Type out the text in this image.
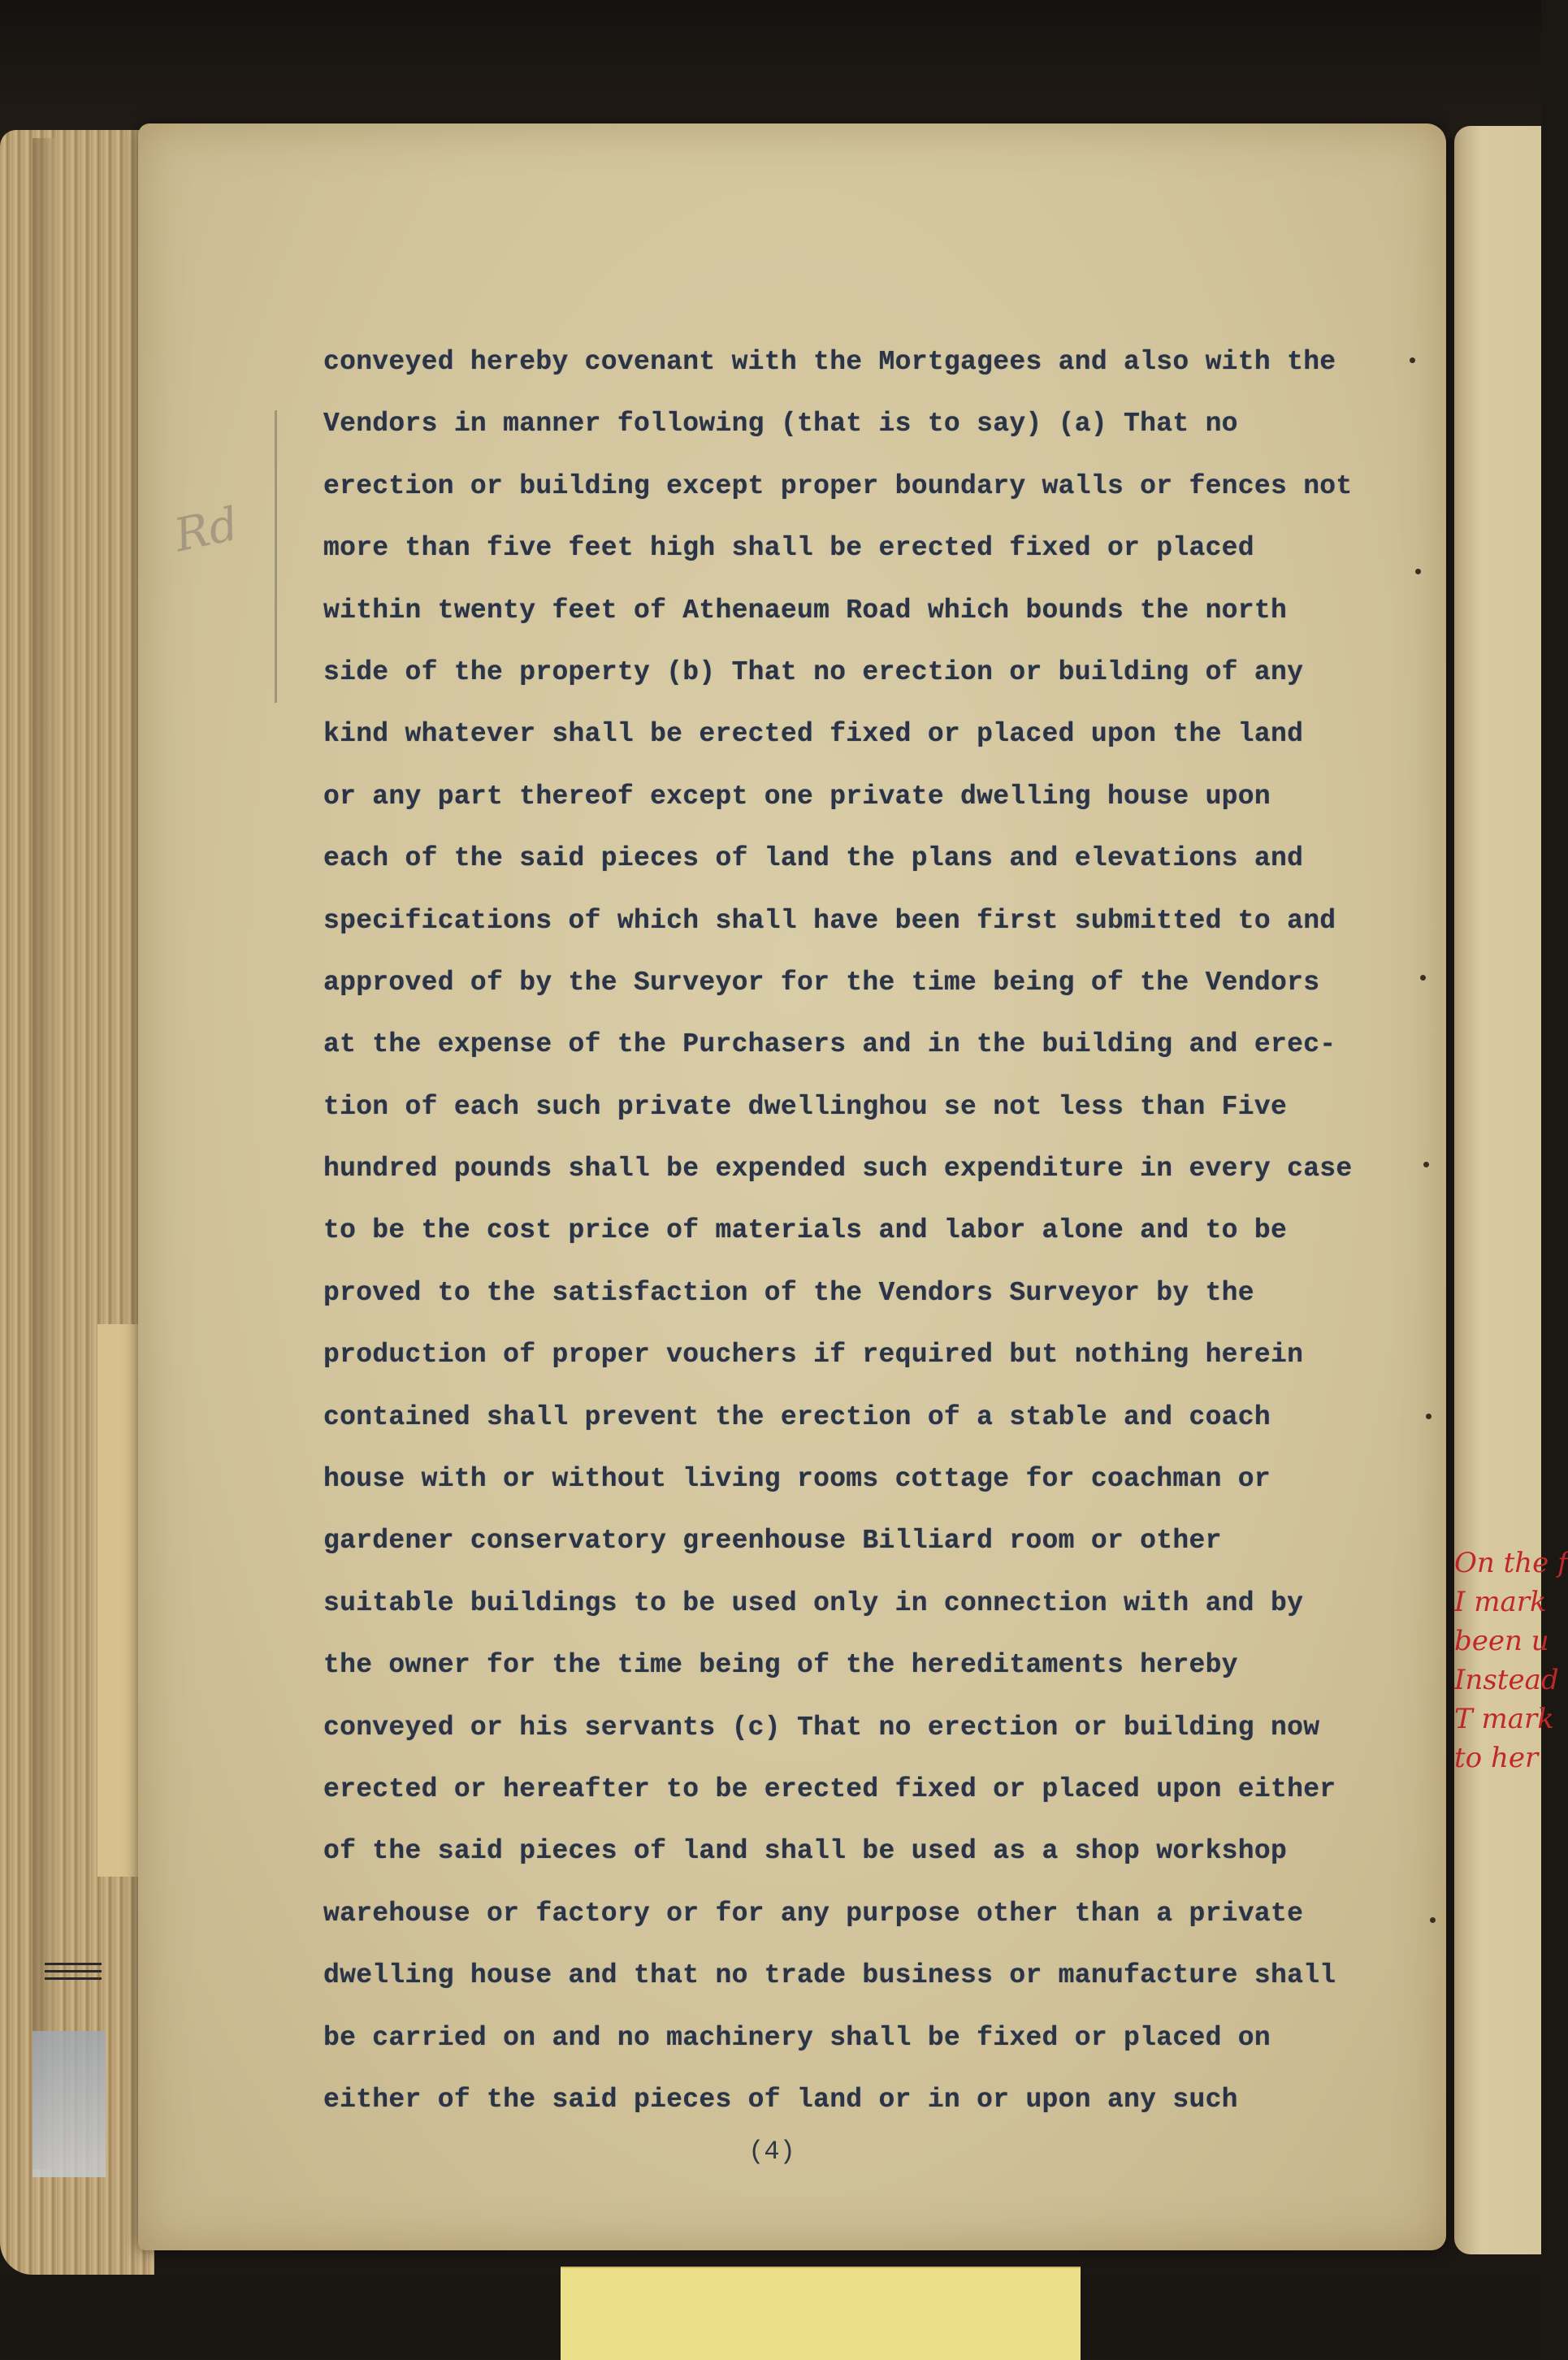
On the f
I mark
been u
Instead
T mark
to her
Rd
conveyed hereby covenant with the Mortgagees and also with the
Vendors in manner following (that is to say) (a) That no
erection or building except proper boundary walls or fences not
more than five feet high shall be erected fixed or placed
within twenty feet of Athenaeum Road which bounds the north
side of the property (b) That no erection or building of any
kind whatever shall be erected fixed or placed upon the land
or any part thereof except one private dwelling house upon
each of the said pieces of land the plans and elevations and
specifications of which shall have been first submitted to and
approved of by the Surveyor for the time being of the Vendors
at the expense of the Purchasers and in the building and erec-
tion of each such private dwellinghou se not less than Five
hundred pounds shall be expended such expenditure in every case
to be the cost price of materials and labor alone and to be
proved to the satisfaction of the Vendors Surveyor by the
production of proper vouchers if required but nothing herein
contained shall prevent the erection of a stable and coach
house with or without living rooms cottage for coachman or
gardener conservatory greenhouse Billiard room or other
suitable buildings to be used only in connection with and by
the owner for the time being of the hereditaments hereby
conveyed or his servants (c) That no erection or building now
erected or hereafter to be erected fixed or placed upon either
of the said pieces of land shall be used as a shop workshop
warehouse or factory or for any purpose other than a private
dwelling house and that no trade business or manufacture shall
be carried on and no machinery shall be fixed or placed on
either of the said pieces of land or in or upon any such
(4)
